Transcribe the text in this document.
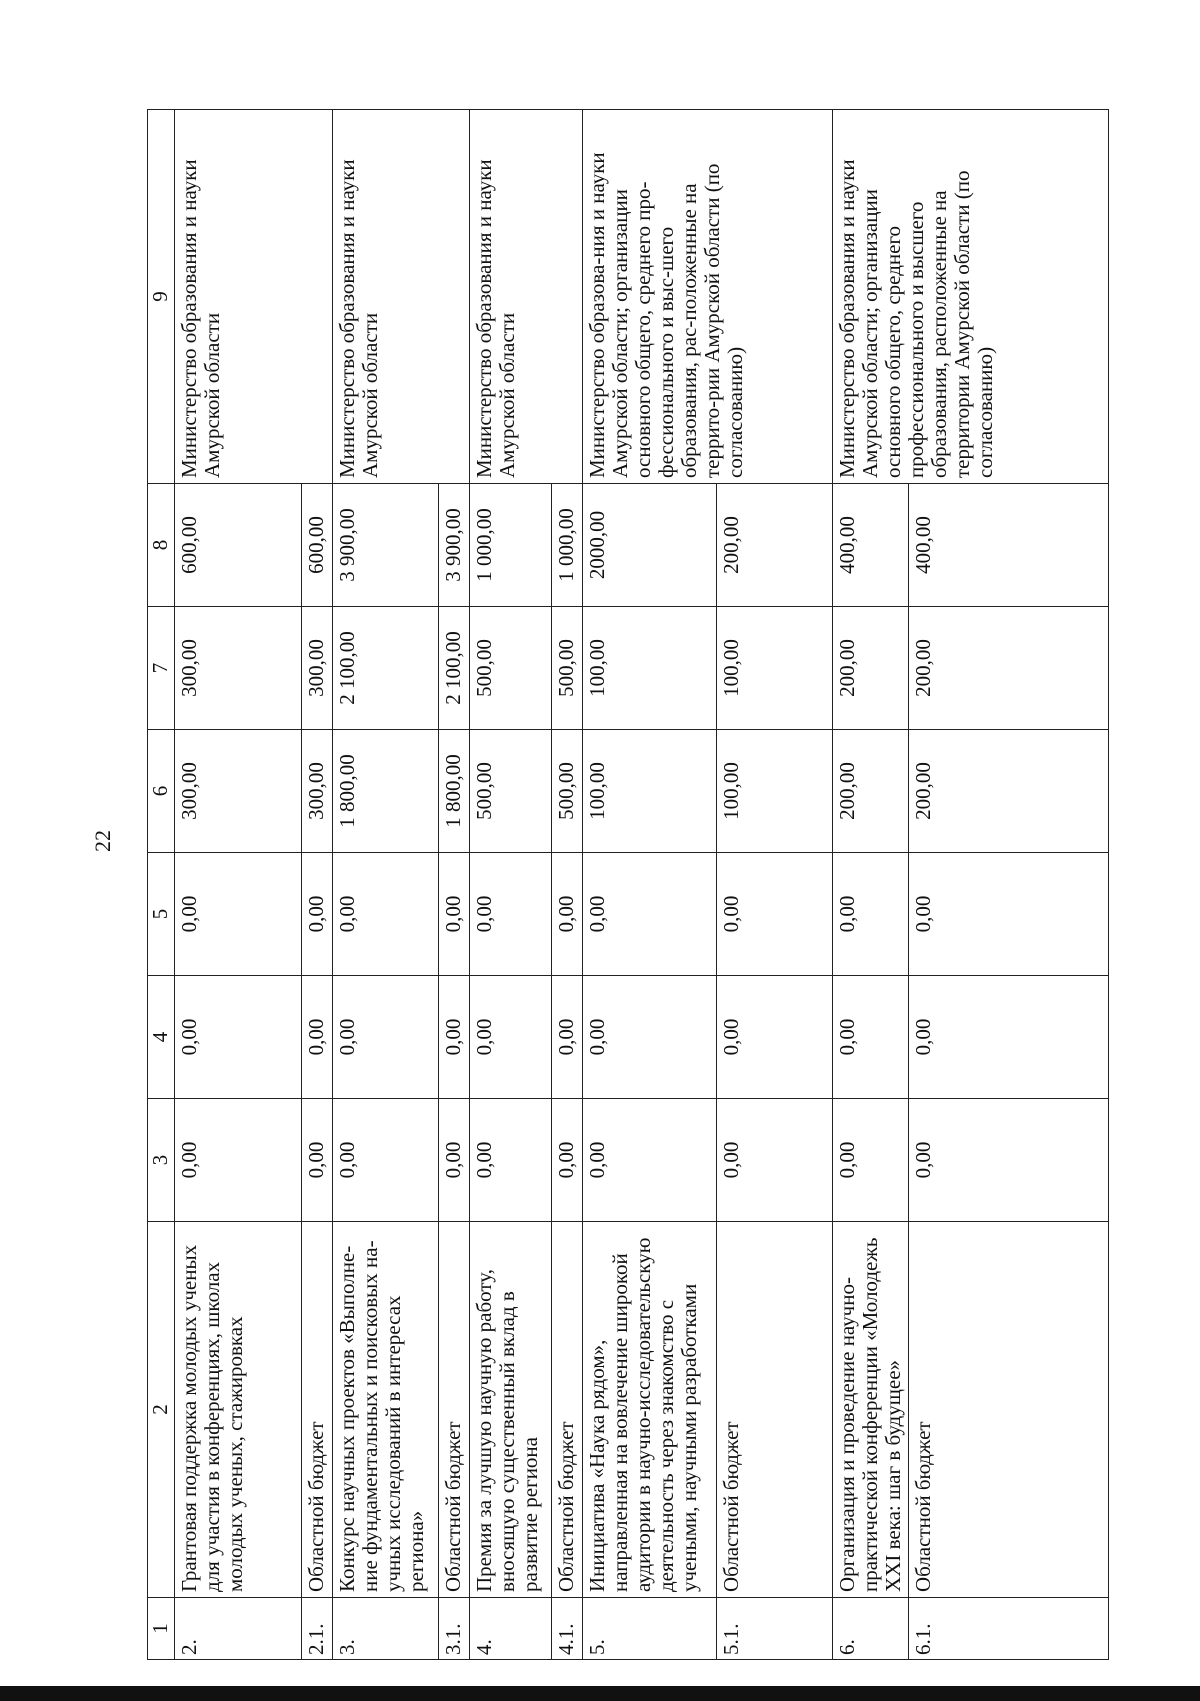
22
1	2	3	4	5	6	7	8	9
2.	Грантовая поддержка молодых ученых для участия в конференциях, школах молодых ученых, стажировках	0,00	0,00	0,00	300,00	300,00	600,00	Министерство образования и науки Амурской области
2.1.	Областной бюджет	0,00	0,00	0,00	300,00	300,00	600,00	
3.	Конкурс научных проектов «Выполне-ние фундаментальных и поисковых на-учных исследований в интересах региона»	0,00	0,00	0,00	1 800,00	2 100,00	3 900,00	Министерство образования и науки Амурской области
3.1.	Областной бюджет	0,00	0,00	0,00	1 800,00	2 100,00	3 900,00	
4.	Премия за лучшую научную работу, вносящую существенный вклад в развитие региона	0,00	0,00	0,00	500,00	500,00	1 000,00	Министерство образования и науки Амурской области
4.1.	Областной бюджет	0,00	0,00	0,00	500,00	500,00	1 000,00	
5.	Инициатива «Наука рядом», направленная на вовлечение широкой аудитории в научно-исследовательскую деятельность через знакомство с учеными, научными разработками	0,00	0,00	0,00	100,00	100,00	2000,00	Министерство образова-ния и науки Амурской области; организации основного общего, среднего про-фессионального и выс-шего образования, рас-положенные на террито-рии Амурской области (по согласованию)
5.1.	Областной бюджет	0,00	0,00	0,00	100,00	100,00	200,00	
6.	Организация и проведение научно-практической конференции «Молодежь XXI века: шаг в будущее»	0,00	0,00	0,00	200,00	200,00	400,00	Министерство образования и науки Амурской области; организации основного общего, среднего профессионального и высшего образования, расположенные на территории Амурской области (по согласованию)
6.1.	Областной бюджет	0,00	0,00	0,00	200,00	200,00	400,00	
